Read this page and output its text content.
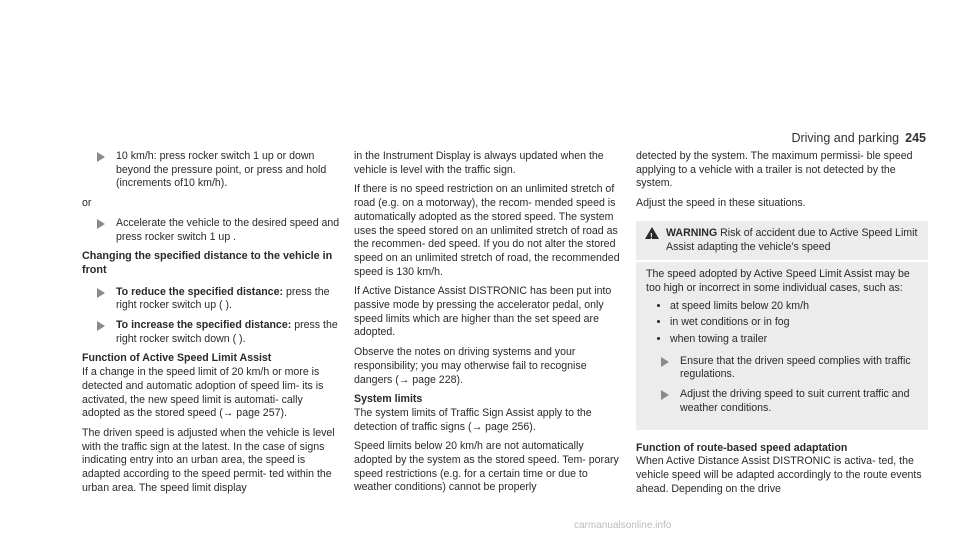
Driving and parking 245
10 km/h: press rocker switch 1 up or down beyond the pressure point, or press and hold (increments of10 km/h).

or

Accelerate the vehicle to the desired speed and press rocker switch 1 up .

Changing the specified distance to the vehicle in front

To reduce the specified distance: press the right rocker switch up ( ).
To increase the specified distance: press the right rocker switch down ( ).

Function of Active Speed Limit Assist

If a change in the speed limit of 20 km/h or more is detected and automatic adoption of speed lim- its is activated, the new speed limit is automati- cally adopted as the stored speed (→ page 257).

The driven speed is adjusted when the vehicle is level with the traffic sign at the latest. In the case of signs indicating entry into an urban area, the speed is adapted according to the speed permit- ted within the urban area. The speed limit display

in the Instrument Display is always updated when the vehicle is level with the traffic sign.

If there is no speed restriction on an unlimited stretch of road (e.g. on a motorway), the recom- mended speed is automatically adopted as the stored speed. The system uses the speed stored on an unlimited stretch of road as the recommen- ded speed. If you do not alter the stored speed on an unlimited stretch of road, the recommended speed is 130 km/h.

If Active Distance Assist DISTRONIC has been put into passive mode by pressing the accelerator pedal, only speed limits which are higher than the set speed are adopted.

Observe the notes on driving systems and your responsibility; you may otherwise fail to recognise dangers (→ page 228).

System limits

The system limits of Traffic Sign Assist apply to the detection of traffic signs (→ page 256).

Speed limits below 20 km/h are not automatically adopted by the system as the stored speed. Tem- porary speed restrictions (e.g. for a certain time or due to weather conditions) cannot be properly

detected by the system. The maximum permissi- ble speed applying to a vehicle with a trailer is not detected by the system.

Adjust the speed in these situations.

! WARNING Risk of accident due to Active Speed Limit Assist adapting the vehicle's speed

The speed adopted by Active Speed Limit Assist may be too high or incorrect in some individual cases, such as:

• at speed limits below 20 km/h
• in wet conditions or in fog
• when towing a trailer
Ensure that the driven speed complies with traffic regulations.
Adjust the driving speed to suit current traffic and weather conditions.

Function of route-based speed adaptation

When Active Distance Assist DISTRONIC is activa- ted, the vehicle speed will be adapted accordingly to the route events ahead. Depending on the drive

carmanualsonline.info
